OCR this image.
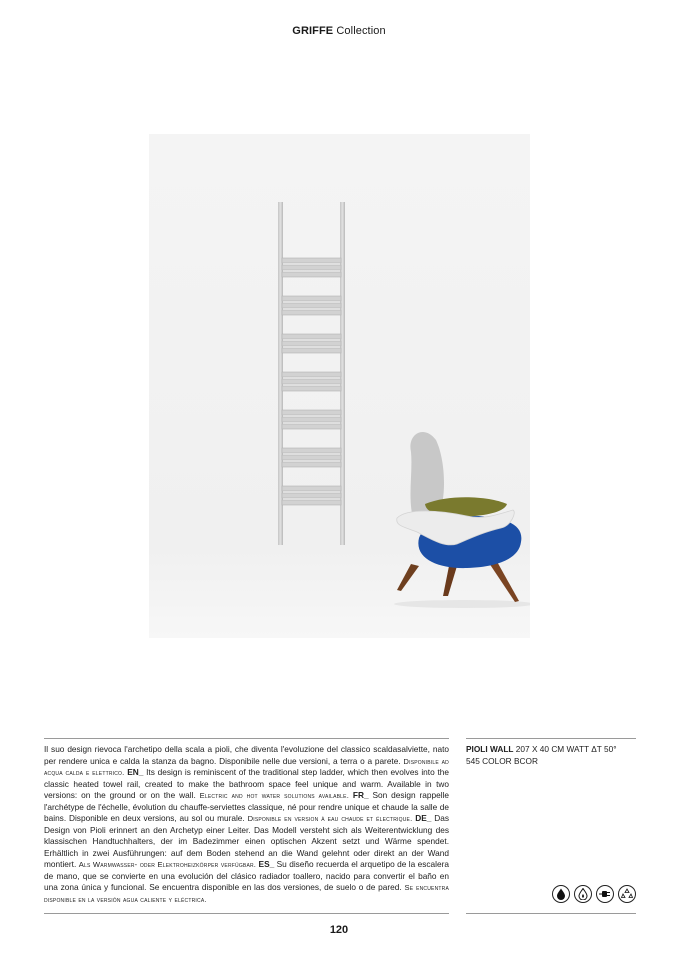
GRIFFE Collection
Il suo design rievoca l'archetipo della scala a pioli, che diventa l'evoluzione del classico scaldasalviette, nato per rendere unica e calda la stanza da bagno. Disponibile nelle due versioni, a terra o a parete. Disponibile ad acqua calda e elettrico. EN_ Its design is reminiscent of the traditional step ladder, which then evolves into the classic heated towel rail, created to make the bathroom space feel unique and warm. Available in two versions: on the ground or on the wall. Electric and hot water solutions available. FR_ Son design rappelle l'archétype de l'échelle, évolution du chauffe-serviettes classique, né pour rendre unique et chaude la salle de bains. Disponible en deux versions, au sol ou murale. Disponible en version à eau chaude et électrique. DE_ Das Design von Pioli erinnert an den Archetyp einer Leiter. Das Modell versteht sich als Weiterentwicklung des klassischen Handtuchhalters, der im Badezimmer einen optischen Akzent setzt und Wärme spendet. Erhältlich in zwei Ausführungen: auf dem Boden stehend an die Wand gelehnt oder direkt an der Wand montiert. Als Warmwasser- oder Elektroheizkörper verfügbar. ES_ Su diseño recuerda el arquetipo de la escalera de mano, que se convierte en una evolución del clásico radiador toallero, nacido para convertir el baño en una zona única y funcional. Se encuentra disponible en las dos versiones, de suelo o de pared. Se encuentra disponible en la versión agua caliente y eléctrica.
PIOLI WALL 207 X 40 CM WATT ΔT 50°
545 COLOR BCOR
120
